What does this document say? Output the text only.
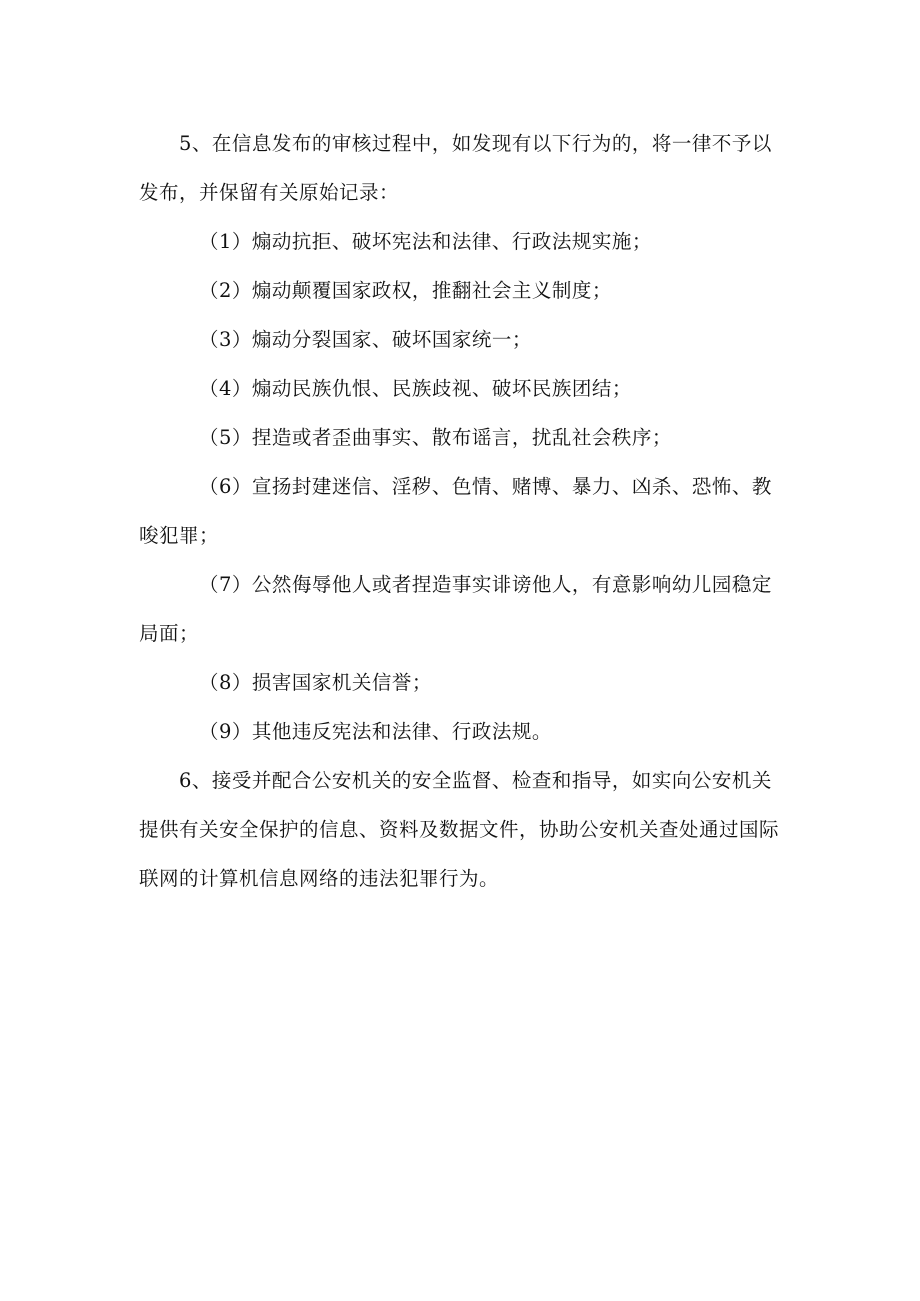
5、在信息发布的审核过程中，如发现有以下行为的，将一律不予以发布，并保留有关原始记录：

（1）煽动抗拒、破坏宪法和法律、行政法规实施；

（2）煽动颠覆国家政权，推翻社会主义制度；

（3）煽动分裂国家、破坏国家统一；

（4）煽动民族仇恨、民族歧视、破坏民族团结；

（5）捏造或者歪曲事实、散布谣言，扰乱社会秩序；

（6）宣扬封建迷信、淫秽、色情、赌博、暴力、凶杀、恐怖、教唆犯罪；

（7）公然侮辱他人或者捏造事实诽谤他人，有意影响幼儿园稳定局面；

（8）损害国家机关信誉；

（9）其他违反宪法和法律、行政法规。

6、接受并配合公安机关的安全监督、检查和指导，如实向公安机关提供有关安全保护的信息、资料及数据文件，协助公安机关查处通过国际联网的计算机信息网络的违法犯罪行为。
